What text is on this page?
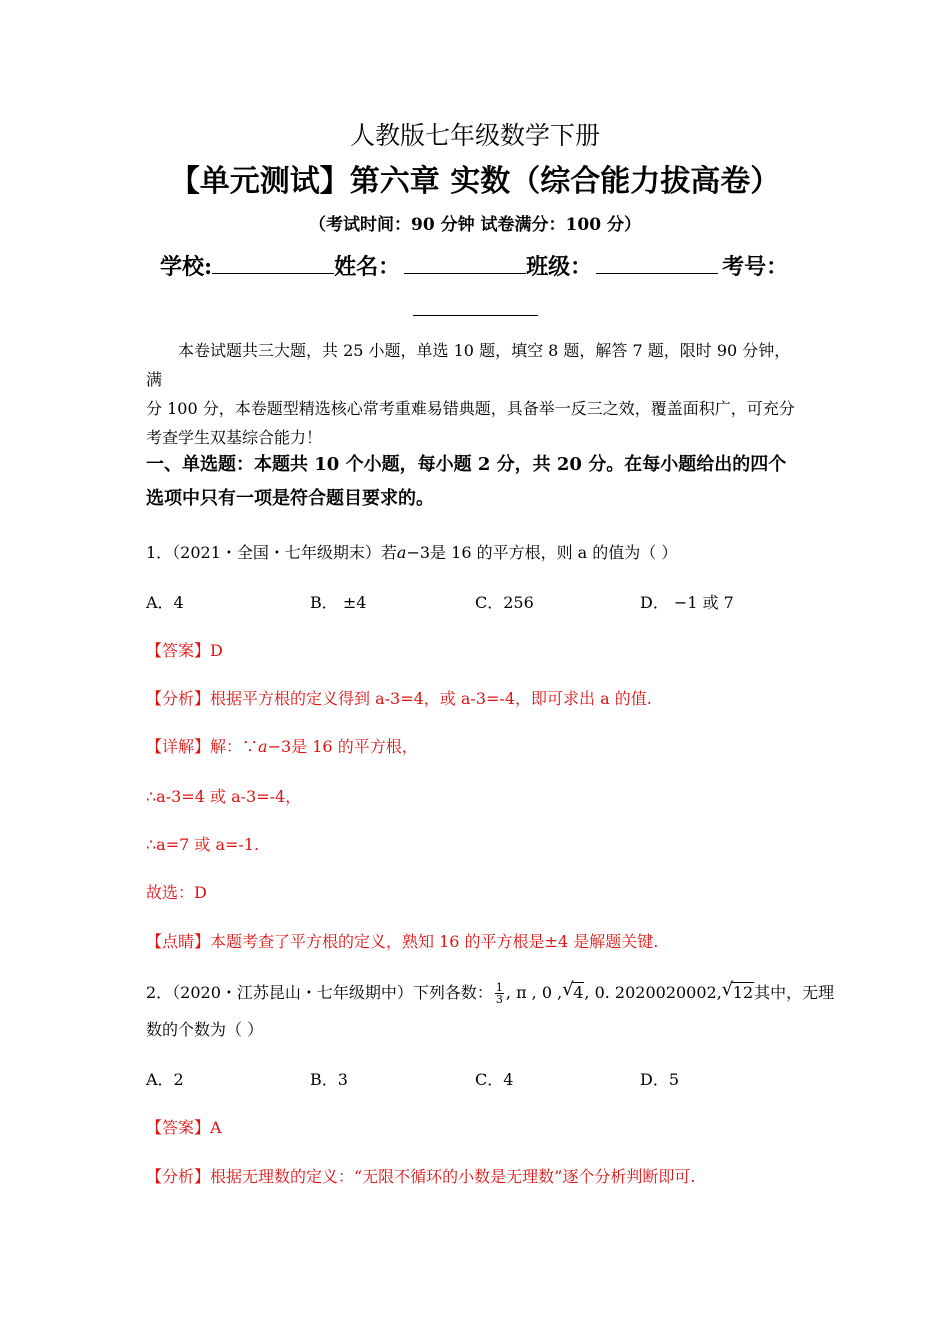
人教版七年级数学下册
【单元测试】第六章 实数（综合能力拔高卷）
（考试时间：90 分钟 试卷满分：100 分）
学校:	姓名：	班级：	考号：

本卷试题共三大题，共 25 小题，单选 10 题，填空 8 题，解答 7 题，限时 90 分钟，满

分 100 分，本卷题型精选核心常考重难易错典题，具备举一反三之效，覆盖面积广，可充分

考查学生双基综合能力！

一、单选题：本题共 10 个小题，每小题 2 分，共 20 分。在每小题给出的四个

选项中只有一项是符合题目要求的。

1．（2021・全国・七年级期末）若a−3是 16 的平方根，则 a 的值为（ ）
A．4	B． ±4	C．256	D． −1 或 7
【答案】D
【分析】根据平方根的定义得到 a-3=4，或 a-3=-4，即可求出 a 的值.
【详解】解：∵a−3是 16 的平方根，
∴a-3=4 或 a-3=-4，
∴a=7 或 a=-1.
故选：D
【点睛】本题考查了平方根的定义，熟知 16 的平方根是±4 是解题关键.
2．（2020・江苏昆山・七年级期中）下列各数： $\frac{1}{3}$ , π , 0 , √ 4, 0. 2020020002, √ 12其中，无理
数的个数为（ ）
A．2	B．3	C．4	D．5
【答案】A
【分析】根据无理数的定义：“无限不循环的小数是无理数”逐个分析判断即可.
